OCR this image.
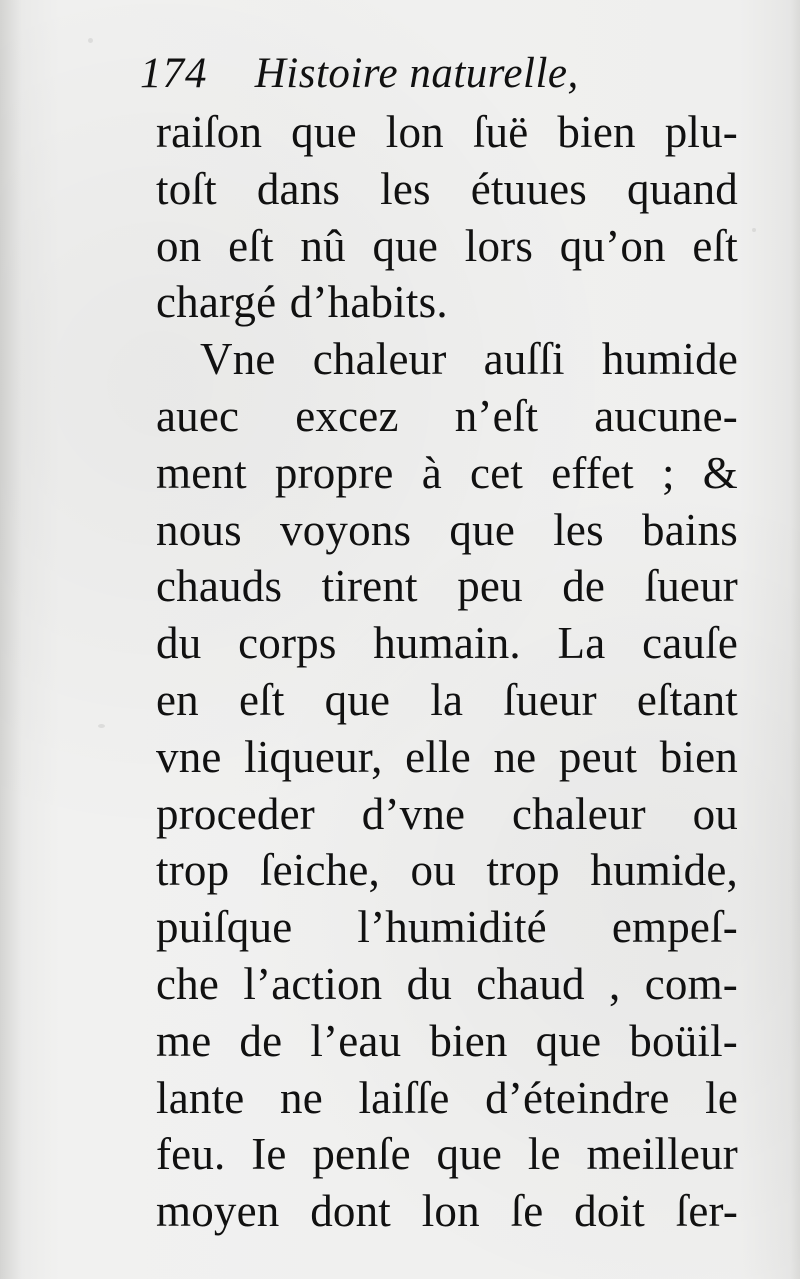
174 Histoire naturelle,
raiſon que lon ſuë bien plu-
toſt dans les étuues quand
on eſt nû que lors qu’on eſt
chargé d’habits.
Vne chaleur auſſi humide
auec excez n’eſt aucune-
ment propre à cet effet ; &
nous voyons que les bains
chauds tirent peu de ſueur
du corps humain. La cauſe
en eſt que la ſueur eſtant
vne liqueur, elle ne peut bien
proceder d’vne chaleur ou
trop ſeiche, ou trop humide,
puiſque l’humidité empeſ-
che l’action du chaud , com-
me de l’eau bien que boüil-
lante ne laiſſe d’éteindre le
feu. Ie penſe que le meilleur
moyen dont lon ſe doit ſer-
